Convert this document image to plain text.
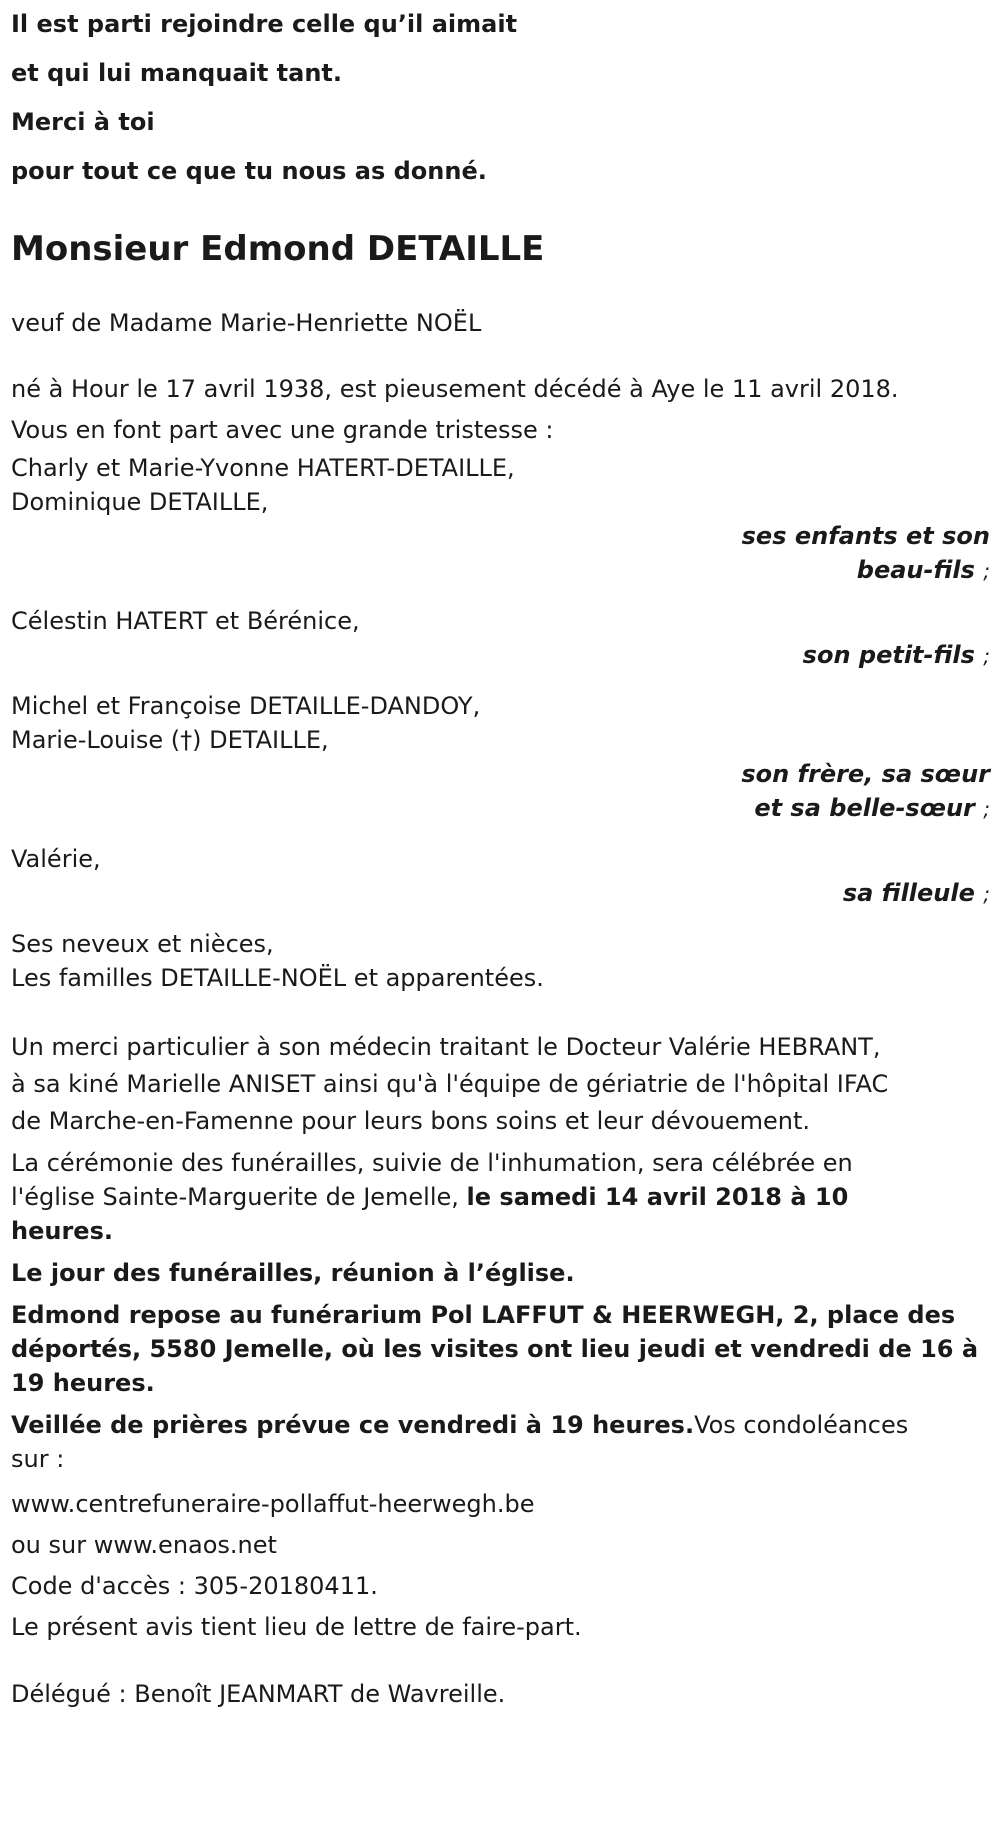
Il est parti rejoindre celle qu’il aimait
et qui lui manquait tant.
Merci à toi
pour tout ce que tu nous as donné.
Monsieur Edmond DETAILLE
veuf de Madame Marie-Henriette NOËL
né à Hour le 17 avril 1938, est pieusement décédé à Aye le 11 avril 2018.
Vous en font part avec une grande tristesse :
Charly et Marie-Yvonne HATERT-DETAILLE,
Dominique DETAILLE,
ses enfants et son
beau-fils ;
Célestin HATERT et Bérénice,
son petit-fils ;
Michel et Françoise DETAILLE-DANDOY,
Marie-Louise (†) DETAILLE,
son frère, sa sœur
et sa belle-sœur ;
Valérie,
sa filleule ;
Ses neveux et nièces,
Les familles DETAILLE-NOËL et apparentées.
Un merci particulier à son médecin traitant le Docteur Valérie HEBRANT,
à sa kiné Marielle ANISET ainsi qu'à l'équipe de gériatrie de l'hôpital IFAC
de Marche-en-Famenne pour leurs bons soins et leur dévouement.
La cérémonie des funérailles, suivie de l'inhumation, sera célébrée en
l'église Sainte-Marguerite de Jemelle, le samedi 14 avril 2018 à 10
heures.
Le jour des funérailles, réunion à l’église.
Edmond repose au funérarium Pol LAFFUT & HEERWEGH, 2, place des
déportés, 5580 Jemelle, où les visites ont lieu jeudi et vendredi de 16 à
19 heures.
Veillée de prières prévue ce vendredi à 19 heures.Vos condoléances
sur :
www.centrefuneraire-pollaffut-heerwegh.be
ou sur www.enaos.net
Code d'accès : 305-20180411.
Le présent avis tient lieu de lettre de faire-part.
Délégué : Benoît JEANMART de Wavreille.
